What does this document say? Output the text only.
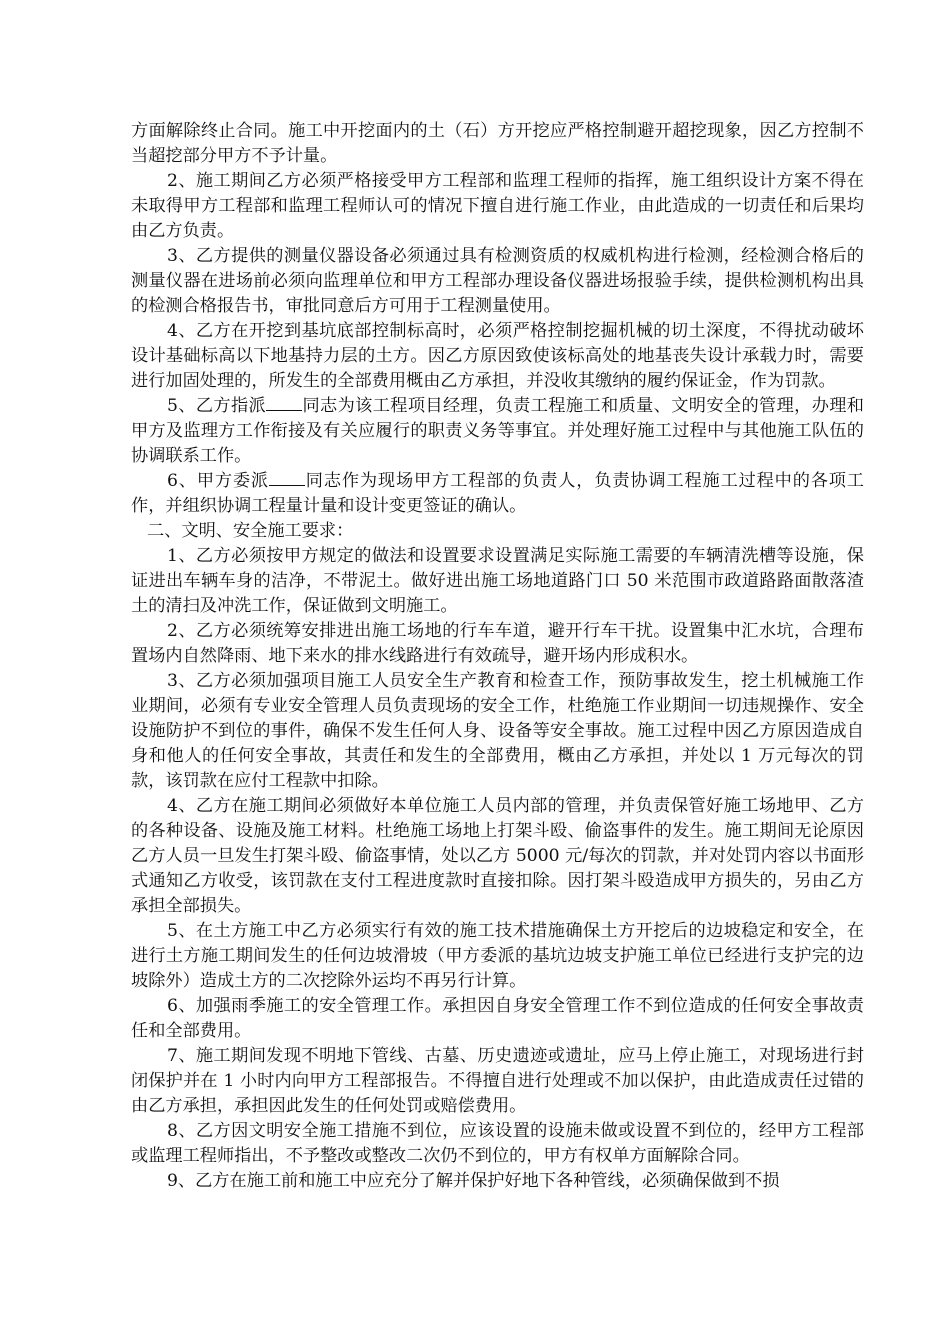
方面解除终止合同。施工中开挖面内的土（石）方开挖应严格控制避开超挖现象，因乙方控制不当超挖部分甲方不予计量。

2、施工期间乙方必须严格接受甲方工程部和监理工程师的指挥，施工组织设计方案不得在未取得甲方工程部和监理工程师认可的情况下擅自进行施工作业，由此造成的一切责任和后果均由乙方负责。

3、乙方提供的测量仪器设备必须通过具有检测资质的权威机构进行检测，经检测合格后的测量仪器在进场前必须向监理单位和甲方工程部办理设备仪器进场报验手续，提供检测机构出具的检测合格报告书，审批同意后方可用于工程测量使用。

4、乙方在开挖到基坑底部控制标高时，必须严格控制挖掘机械的切土深度，不得扰动破坏设计基础标高以下地基持力层的土方。因乙方原因致使该标高处的地基丧失设计承载力时，需要进行加固处理的，所发生的全部费用概由乙方承担，并没收其缴纳的履约保证金，作为罚款。

5、乙方指派 同志为该工程项目经理，负责工程施工和质量、文明安全的管理，办理和甲方及监理方工作衔接及有关应履行的职责义务等事宜。并处理好施工过程中与其他施工队伍的协调联系工作。

6、甲方委派 同志作为现场甲方工程部的负责人，负责协调工程施工过程中的各项工作，并组织协调工程量计量和设计变更签证的确认。

二、文明、安全施工要求：

1、乙方必须按甲方规定的做法和设置要求设置满足实际施工需要的车辆清洗槽等设施，保证进出车辆车身的洁净，不带泥土。做好进出施工场地道路门口 50 米范围市政道路路面散落渣土的清扫及冲洗工作，保证做到文明施工。

2、乙方必须统筹安排进出施工场地的行车车道，避开行车干扰。设置集中汇水坑，合理布置场内自然降雨、地下来水的排水线路进行有效疏导，避开场内形成积水。

3、乙方必须加强项目施工人员安全生产教育和检查工作，预防事故发生，挖土机械施工作业期间，必须有专业安全管理人员负责现场的安全工作，杜绝施工作业期间一切违规操作、安全设施防护不到位的事件，确保不发生任何人身、设备等安全事故。施工过程中因乙方原因造成自身和他人的任何安全事故，其责任和发生的全部费用，概由乙方承担，并处以 1 万元每次的罚款，该罚款在应付工程款中扣除。

4、乙方在施工期间必须做好本单位施工人员内部的管理，并负责保管好施工场地甲、乙方的各种设备、设施及施工材料。杜绝施工场地上打架斗殴、偷盗事件的发生。施工期间无论原因乙方人员一旦发生打架斗殴、偷盗事情，处以乙方 5000 元/每次的罚款，并对处罚内容以书面形式通知乙方收受，该罚款在支付工程进度款时直接扣除。因打架斗殴造成甲方损失的，另由乙方承担全部损失。

5、在土方施工中乙方必须实行有效的施工技术措施确保土方开挖后的边坡稳定和安全，在进行土方施工期间发生的任何边坡滑坡（甲方委派的基坑边坡支护施工单位已经进行支护完的边坡除外）造成土方的二次挖除外运均不再另行计算。

6、加强雨季施工的安全管理工作。承担因自身安全管理工作不到位造成的任何安全事故责任和全部费用。

7、施工期间发现不明地下管线、古墓、历史遗迹或遗址，应马上停止施工，对现场进行封闭保护并在 1 小时内向甲方工程部报告。不得擅自进行处理或不加以保护，由此造成责任过错的由乙方承担，承担因此发生的任何处罚或赔偿费用。

8、乙方因文明安全施工措施不到位，应该设置的设施未做或设置不到位的，经甲方工程部或监理工程师指出，不予整改或整改二次仍不到位的，甲方有权单方面解除合同。

9、乙方在施工前和施工中应充分了解并保护好地下各种管线，必须确保做到不损
